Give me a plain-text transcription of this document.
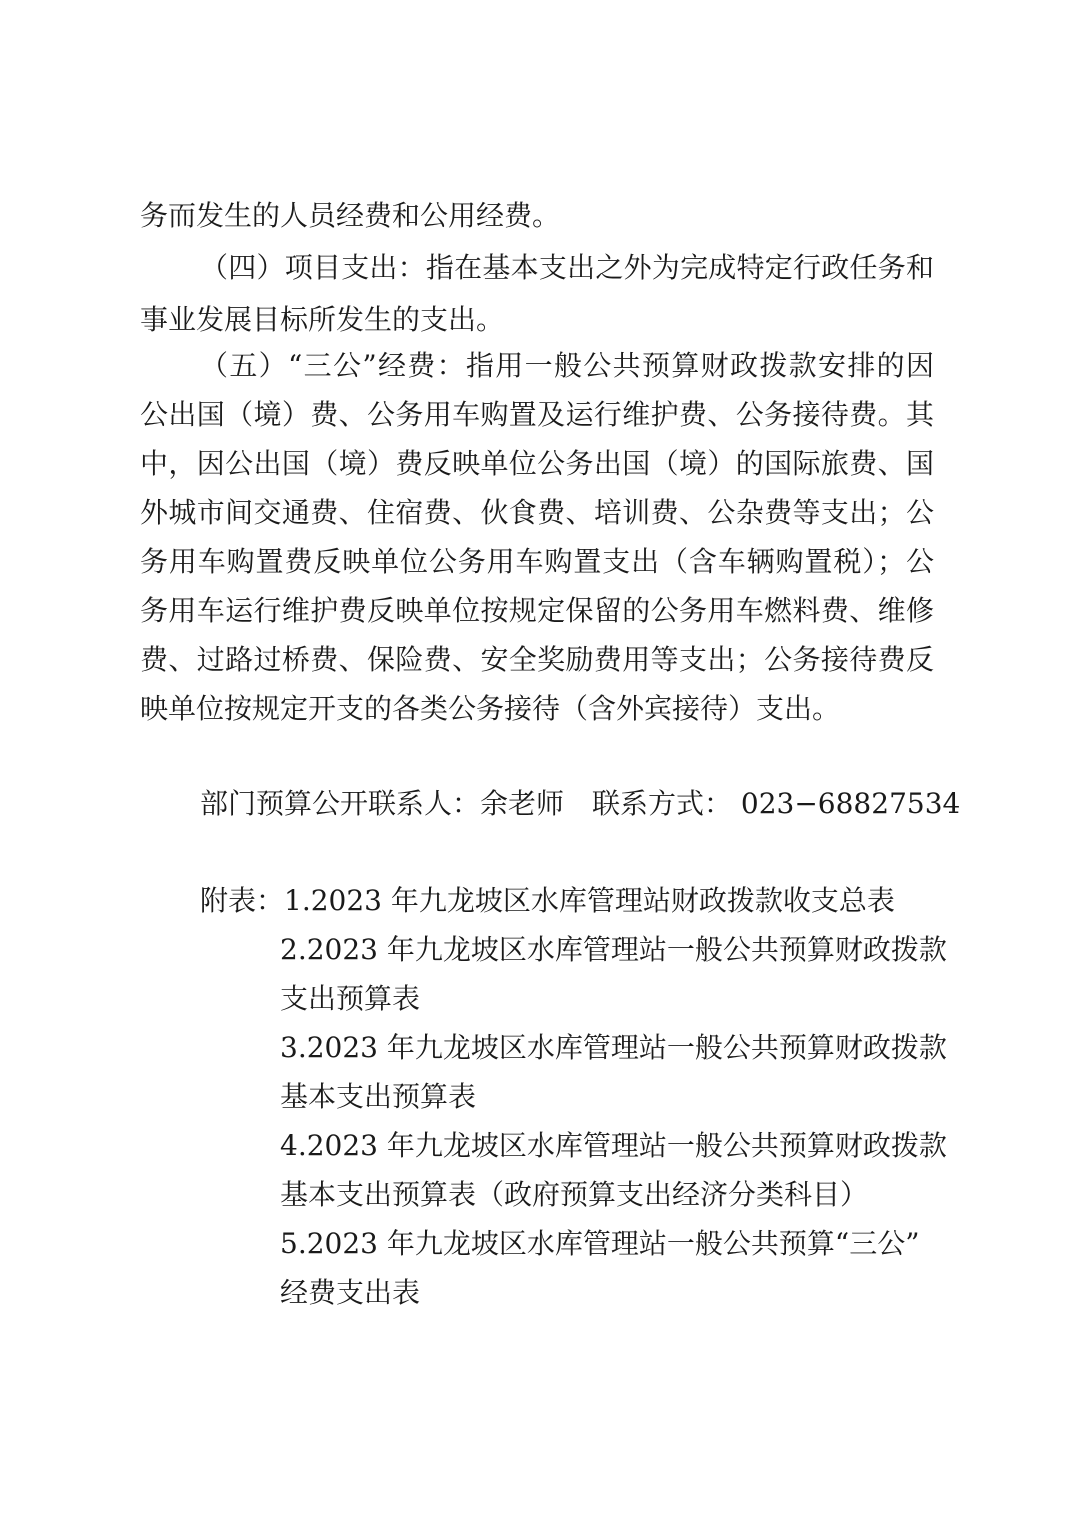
务而发生的人员经费和公用经费。
（四）项目支出：指在基本支出之外为完成特定行政任务和
事业发展目标所发生的支出。
（五）“三公”经费：指用一般公共预算财政拨款安排的因
公出国（境）费、公务用车购置及运行维护费、公务接待费。其
中，因公出国（境）费反映单位公务出国（境）的国际旅费、国
外城市间交通费、住宿费、伙食费、培训费、公杂费等支出；公
务用车购置费反映单位公务用车购置支出（含车辆购置税）；公
务用车运行维护费反映单位按规定保留的公务用车燃料费、维修
费、过路过桥费、保险费、安全奖励费用等支出；公务接待费反
映单位按规定开支的各类公务接待（含外宾接待）支出。
部门预算公开联系人：余老师　联系方式： 023−68827534
附表：1.2023 年九龙坡区水库管理站财政拨款收支总表
2.2023 年九龙坡区水库管理站一般公共预算财政拨款
支出预算表
3.2023 年九龙坡区水库管理站一般公共预算财政拨款
基本支出预算表
4.2023 年九龙坡区水库管理站一般公共预算财政拨款
基本支出预算表（政府预算支出经济分类科目）
5.2023 年九龙坡区水库管理站一般公共预算“三公”
经费支出表
